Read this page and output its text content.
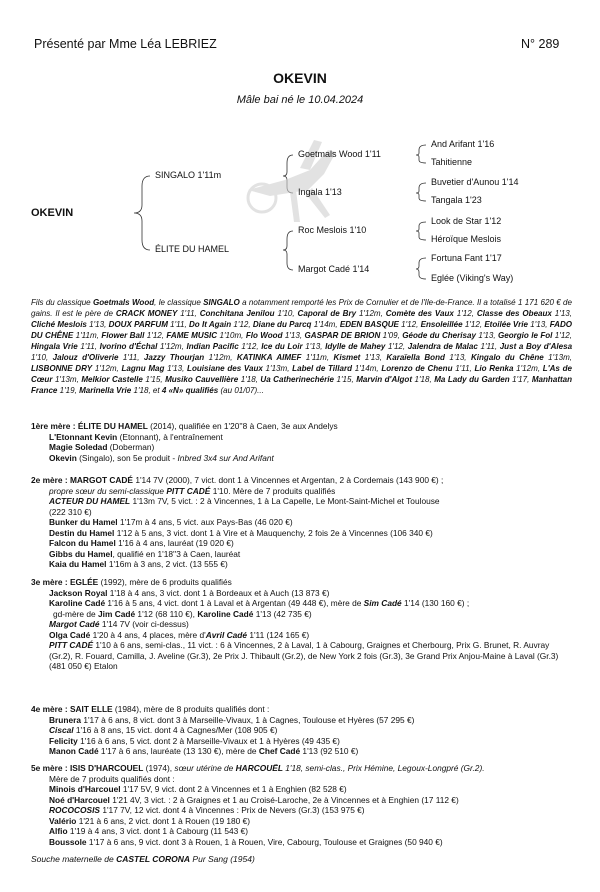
Présenté par Mme Léa LEBRIEZ	N° 289
OKEVIN
Mâle bai né le 10.04.2024
OKEVIN
SINGALO 1'11m
ÉLITE DU HAMEL
Goetmals Wood 1'11
Ingala 1'13
Roc Meslois 1'10
Margot Cadé 1'14
And Arifant 1'16
Tahitienne
Buvetier d'Aunou 1'14
Tangala 1'23
Look de Star 1'12
Héroïque Meslois
Fortuna Fant 1'17
Eglée (Viking's Way)
Fils du classique Goetmals Wood, le classique SINGALO a notamment remporté les Prix de Cornulier et de l'Ile-de-France. Il a totalisé 1 171 620 € de gains. Il est le père de CRACK MONEY 1'11, Conchitana Jenilou 1'10, Caporal de Bry 1'12m, Comète des Vaux 1'12, Classe des Obeaux 1'13, Cliché Meslois 1'13, DOUX PARFUM 1'11, Do It Again 1'12, Diane du Parcq 1'14m, EDEN BASQUE 1'12, Ensoleillée 1'12, Etoilée Vrie 1'13, FADO DU CHÊNE 1'11m, Flower Ball 1'12, FAME MUSIC 1'10m, Flo Wood 1'13, GASPAR DE BRION 1'09, Géode du Cherisay 1'13, Georgio le Fol 1'12, Hingala Vrie 1'11, Ivorino d'Échal 1'12m, Indian Pacific 1'12, Ice du Loir 1'13, Idylle de Mahey 1'12, Jalendra de Malac 1'11, Just a Boy d'Alesa 1'10, Jalouz d'Oliverie 1'11, Jazzy Thourjan 1'12m, KATINKA AIMEF 1'11m, Kismet 1'13, Karaïella Bond 1'13, Kingalo du Chêne 1'13m, LISBONNE DRY 1'12m, Lagnu Mag 1'13, Louisiane des Vaux 1'13m, Label de Tillard 1'14m, Lorenzo de Chenu 1'11, Lio Renka 1'12m, L'As de Cœur 1'13m, Melkior Castelle 1'15, Musiko Cauvellière 1'18, Ua Catherinechérie 1'15, Marvin d'Algot 1'18, Ma Lady du Garden 1'17, Manhattan France 1'19, Marinella Vrie 1'18, et 4 «N» qualifiés (au 01/07)...
1ère mère : ÉLITE DU HAMEL (2014), qualifiée en 1'20''8 à Caen, 3e aux Andelys
L'Etonnant Kevin (Etonnant), à l'entraînement
Magie Soledad (Doberman)
Okevin (Singalo), son 5e produit - Inbred 3x4 sur And Arifant
2e mère : MARGOT CADÉ 1'14 7V (2000), 7 vict. dont 1 à Vincennes et Argentan, 2 à Cordemais (143 900 €) ;
propre sœur du semi-classique PITT CADÉ 1'10. Mère de 7 produits qualifiés
ACTEUR DU HAMEL 1'13m 7V, 5 vict. : 2 à Vincennes, 1 à La Capelle, Le Mont-Saint-Michel et Toulouse
(222 310 €)
Bunker du Hamel 1'17m à 4 ans, 5 vict. aux Pays-Bas (46 020 €)
Destin du Hamel 1'12 à 5 ans, 3 vict. dont 1 à Vire et à Mauquenchy, 2 fois 2e à Vincennes (106 340 €)
Falcon du Hamel 1'16 à 4 ans, lauréat (19 020 €)
Gibbs du Hamel, qualifié en 1'18''3 à Caen, lauréat
Kaia du Hamel 1'16m à 3 ans, 2 vict. (13 555 €)
3e mère : EGLÉE (1992), mère de 6 produits qualifiés
Jackson Royal 1'18 à 4 ans, 3 vict. dont 1 à Bordeaux et à Auch (13 873 €)
Karoline Cadé 1'16 à 5 ans, 4 vict. dont 1 à Laval et à Argentan (49 448 €), mère de Sim Cadé 1'14 (130 160 €) ;
gd-mère de Jim Cadé 1'12 (68 110 €), Karoline Cadé 1'13 (42 735 €)
Margot Cadé 1'14 7V (voir ci-dessus)
Olga Cadé 1'20 à 4 ans, 4 places, mère d'Avril Cadé 1'11 (124 165 €)
PITT CADÉ 1'10 à 6 ans, semi-clas., 11 vict. : 6 à Vincennes, 2 à Laval, 1 à Cabourg, Graignes et Cherbourg, Prix G. Brunet, R. Auvray (Gr.2), R. Fouard, Camilla, J. Aveline (Gr.3), 2e Prix J. Thibault (Gr.2), de New York 2 fois (Gr.3), 3e Grand Prix Anjou-Maine à Laval (Gr.3) (481 050 €) Etalon
4e mère : SAIT ELLE (1984), mère de 8 produits qualifiés dont :
Brunera 1'17 à 6 ans, 8 vict. dont 3 à Marseille-Vivaux, 1 à Cagnes, Toulouse et Hyères (57 295 €)
Ciscal 1'16 à 8 ans, 15 vict. dont 4 à Cagnes/Mer (108 905 €)
Felicity 1'16 à 6 ans, 5 vict. dont 2 à Marseille-Vivaux et 1 à Hyères (49 435 €)
Manon Cadé 1'17 à 6 ans, lauréate (13 130 €), mère de Chef Cadé 1'13 (92 510 €)
5e mère : ISIS D'HARCOUEL (1974), sœur utérine de HARCOUËL 1'18, semi-clas., Prix Hémine, Legoux-Longpré (Gr.2).
Mère de 7 produits qualifiés dont :
Minois d'Harcouel 1'17 5V, 9 vict. dont 2 à Vincennes et 1 à Enghien (82 528 €)
Noé d'Harcouel 1'21 4V, 3 vict. : 2 à Graignes et 1 au Croisé-Laroche, 2e à Vincennes et à Enghien (17 112 €)
ROCOCOSIS 1'17 7V, 12 vict. dont 4 à Vincennes : Prix de Nevers (Gr.3) (153 975 €)
Valério 1'21 à 6 ans, 2 vict. dont 1 à Rouen (19 180 €)
Alfio 1'19 à 4 ans, 3 vict. dont 1 à Cabourg (11 543 €)
Boussole 1'17 à 6 ans, 9 vict. dont 3 à Rouen, 1 à Rouen, Vire, Cabourg, Toulouse et Graignes (50 940 €)
Souche maternelle de CASTEL CORONA Pur Sang (1954)
